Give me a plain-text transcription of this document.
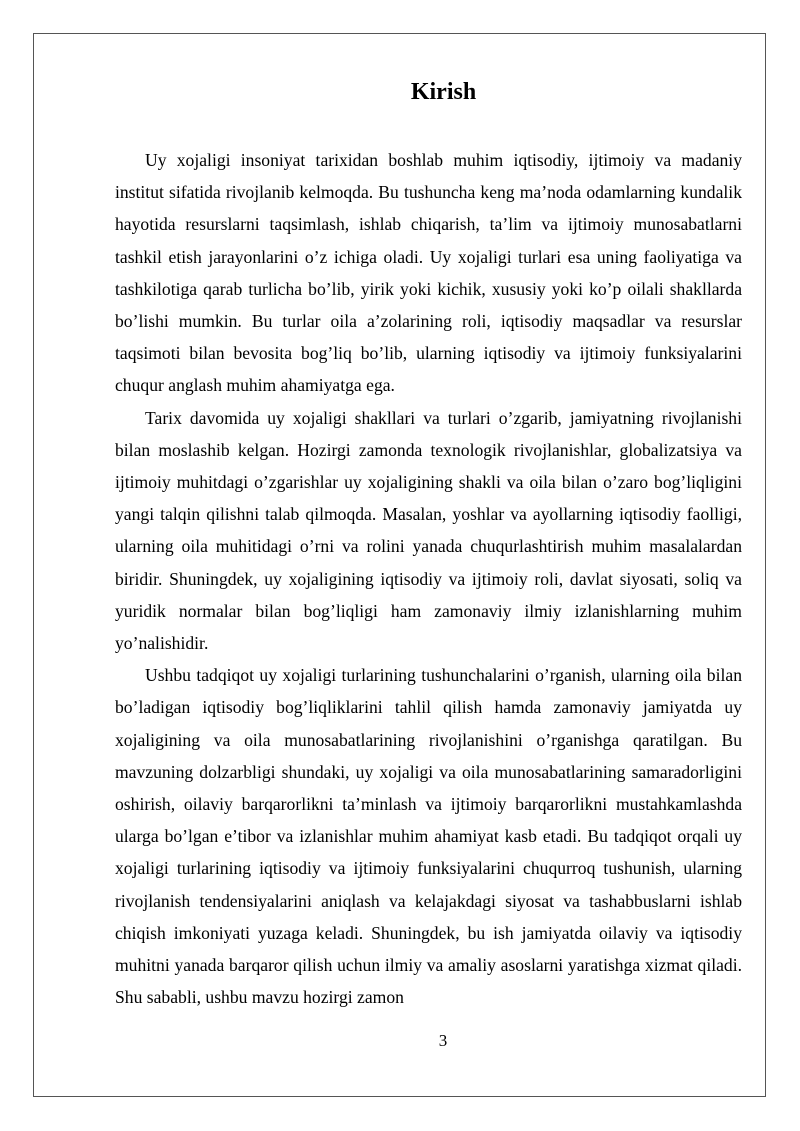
Kirish

Uy xojaligi insoniyat tarixidan boshlab muhim iqtisodiy, ijtimoiy va madaniy institut sifatida rivojlanib kelmoqda. Bu tushuncha keng ma’noda odamlarning kundalik hayotida resurslarni taqsimlash, ishlab chiqarish, ta’lim va ijtimoiy munosabatlarni tashkil etish jarayonlarini o’z ichiga oladi. Uy xojaligi turlari esa uning faoliyatiga va tashkilotiga qarab turlicha bo’lib, yirik yoki kichik, xususiy yoki ko’p oilali shakllarda bo’lishi mumkin. Bu turlar oila a’zolarining roli, iqtisodiy maqsadlar va resurslar taqsimoti bilan bevosita bog’liq bo’lib, ularning iqtisodiy va ijtimoiy funksiyalarini chuqur anglash muhim ahamiyatga ega.

Tarix davomida uy xojaligi shakllari va turlari o’zgarib, jamiyatning rivojlanishi bilan moslashib kelgan. Hozirgi zamonda texnologik rivojlanishlar, globalizatsiya va ijtimoiy muhitdagi o’zgarishlar uy xojaligining shakli va oila bilan o’zaro bog’liqligini yangi talqin qilishni talab qilmoqda. Masalan, yoshlar va ayollarning iqtisodiy faolligi, ularning oila muhitidagi o’rni va rolini yanada chuqurlashtirish muhim masalalardan biridir. Shuningdek, uy xojaligining iqtisodiy va ijtimoiy roli, davlat siyosati, soliq va yuridik normalar bilan bog’liqligi ham zamonaviy ilmiy izlanishlarning muhim yo’nalishidir.

Ushbu tadqiqot uy xojaligi turlarining tushunchalarini o’rganish, ularning oila bilan bo’ladigan iqtisodiy bog’liqliklarini tahlil qilish hamda zamonaviy jamiyatda uy xojaligining va oila munosabatlarining rivojlanishini o’rganishga qaratilgan. Bu mavzuning dolzarbligi shundaki, uy xojaligi va oila munosabatlarining samaradorligini oshirish, oilaviy barqarorlikni ta’minlash va ijtimoiy barqarorlikni mustahkamlashda ularga bo’lgan e’tibor va izlanishlar muhim ahamiyat kasb etadi. Bu tadqiqot orqali uy xojaligi turlarining iqtisodiy va ijtimoiy funksiyalarini chuqurroq tushunish, ularning rivojlanish tendensiyalarini aniqlash va kelajakdagi siyosat va tashabbuslarni ishlab chiqish imkoniyati yuzaga keladi. Shuningdek, bu ish jamiyatda oilaviy va iqtisodiy muhitni yanada barqaror qilish uchun ilmiy va amaliy asoslarni yaratishga xizmat qiladi. Shu sababli, ushbu mavzu hozirgi zamon

3
